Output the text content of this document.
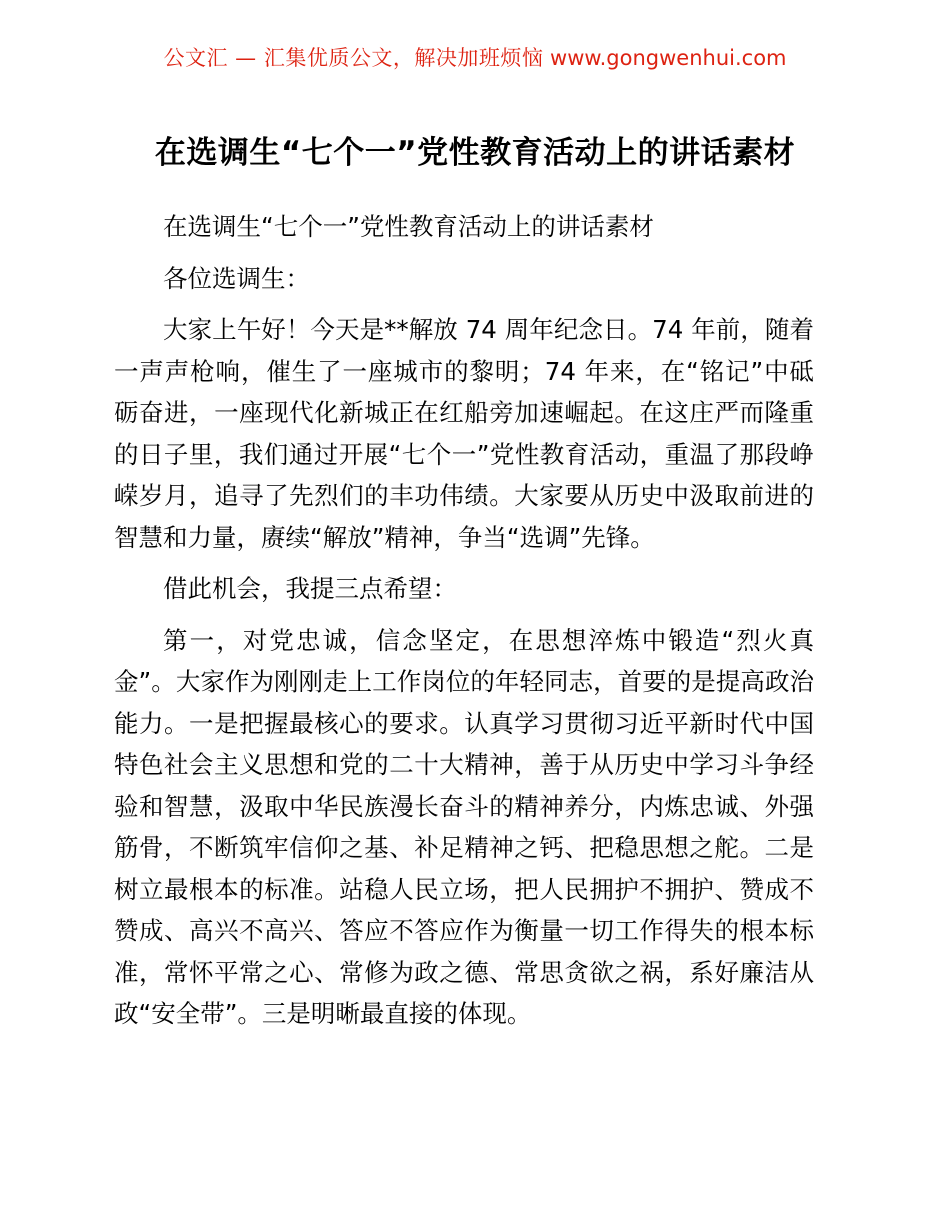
公文汇 — 汇集优质公文，解决加班烦恼 www.gongwenhui.com
在选调生“七个一”党性教育活动上的讲话素材

在选调生“七个一”党性教育活动上的讲话素材

各位选调生：

大家上午好！今天是**解放 74 周年纪念日。74 年前，随着一声声枪响，催生了一座城市的黎明；74 年来，在“铭记”中砥砺奋进，一座现代化新城正在红船旁加速崛起。在这庄严而隆重的日子里，我们通过开展“七个一”党性教育活动，重温了那段峥嵘岁月，追寻了先烈们的丰功伟绩。大家要从历史中汲取前进的智慧和力量，赓续“解放”精神，争当“选调”先锋。

借此机会，我提三点希望：

第一，对党忠诚，信念坚定，在思想淬炼中锻造“烈火真金”。大家作为刚刚走上工作岗位的年轻同志，首要的是提高政治能力。一是把握最核心的要求。认真学习贯彻习近平新时代中国特色社会主义思想和党的二十大精神，善于从历史中学习斗争经验和智慧，汲取中华民族漫长奋斗的精神养分，内炼忠诚、外强筋骨，不断筑牢信仰之基、补足精神之钙、把稳思想之舵。二是树立最根本的标准。站稳人民立场，把人民拥护不拥护、赞成不赞成、高兴不高兴、答应不答应作为衡量一切工作得失的根本标准，常怀平常之心、常修为政之德、常思贪欲之祸，系好廉洁从政“安全带”。三是明晰最直接的体现。
